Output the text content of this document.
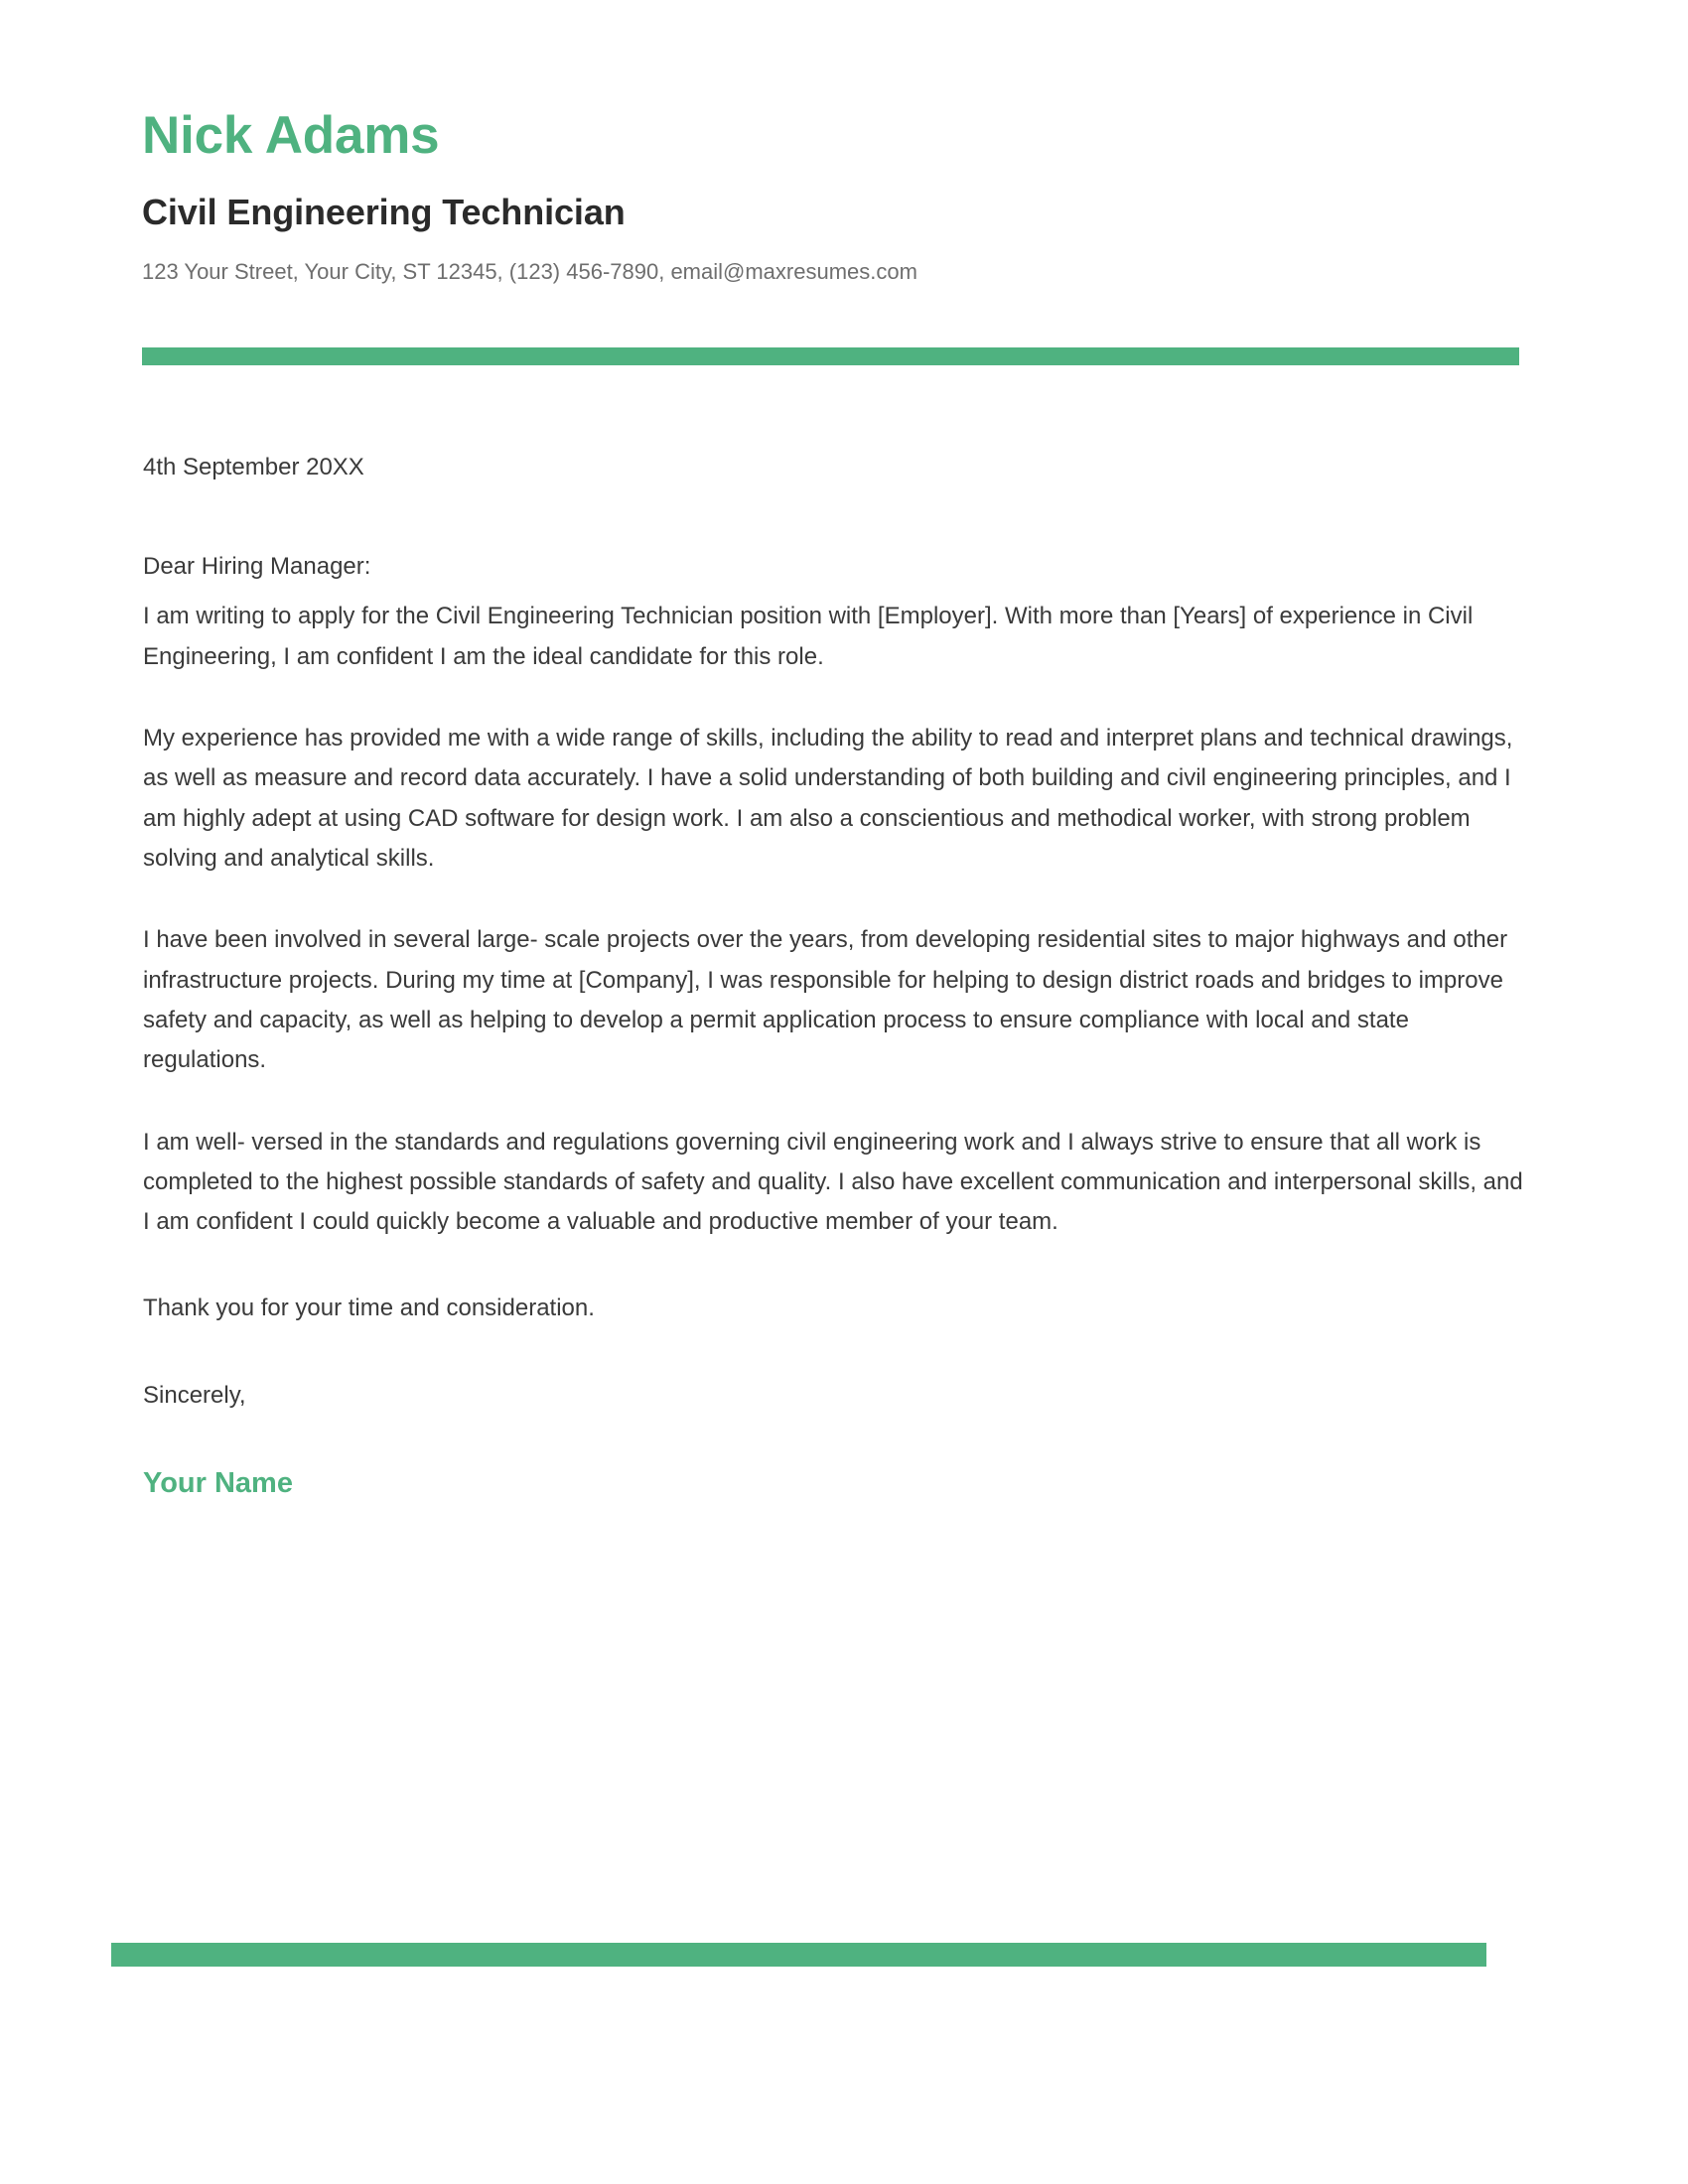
Nick Adams
Civil Engineering Technician

123 Your Street, Your City, ST 12345, (123) 456-7890, email@maxresumes.com

4th September 20XX

Dear Hiring Manager:

I am writing to apply for the Civil Engineering Technician position with [Employer]. With more than [Years] of experience in Civil Engineering, I am confident I am the ideal candidate for this role.

My experience has provided me with a wide range of skills, including the ability to read and interpret plans and technical drawings, as well as measure and record data accurately. I have a solid understanding of both building and civil engineering principles, and I am highly adept at using CAD software for design work. I am also a conscientious and methodical worker, with strong problem solving and analytical skills.

I have been involved in several large- scale projects over the years, from developing residential sites to major highways and other infrastructure projects. During my time at [Company], I was responsible for helping to design district roads and bridges to improve safety and capacity, as well as helping to develop a permit application process to ensure compliance with local and state regulations.

I am well- versed in the standards and regulations governing civil engineering work and I always strive to ensure that all work is completed to the highest possible standards of safety and quality. I also have excellent communication and interpersonal skills, and I am confident I could quickly become a valuable and productive member of your team.

Thank you for your time and consideration.

Sincerely,

Your Name
